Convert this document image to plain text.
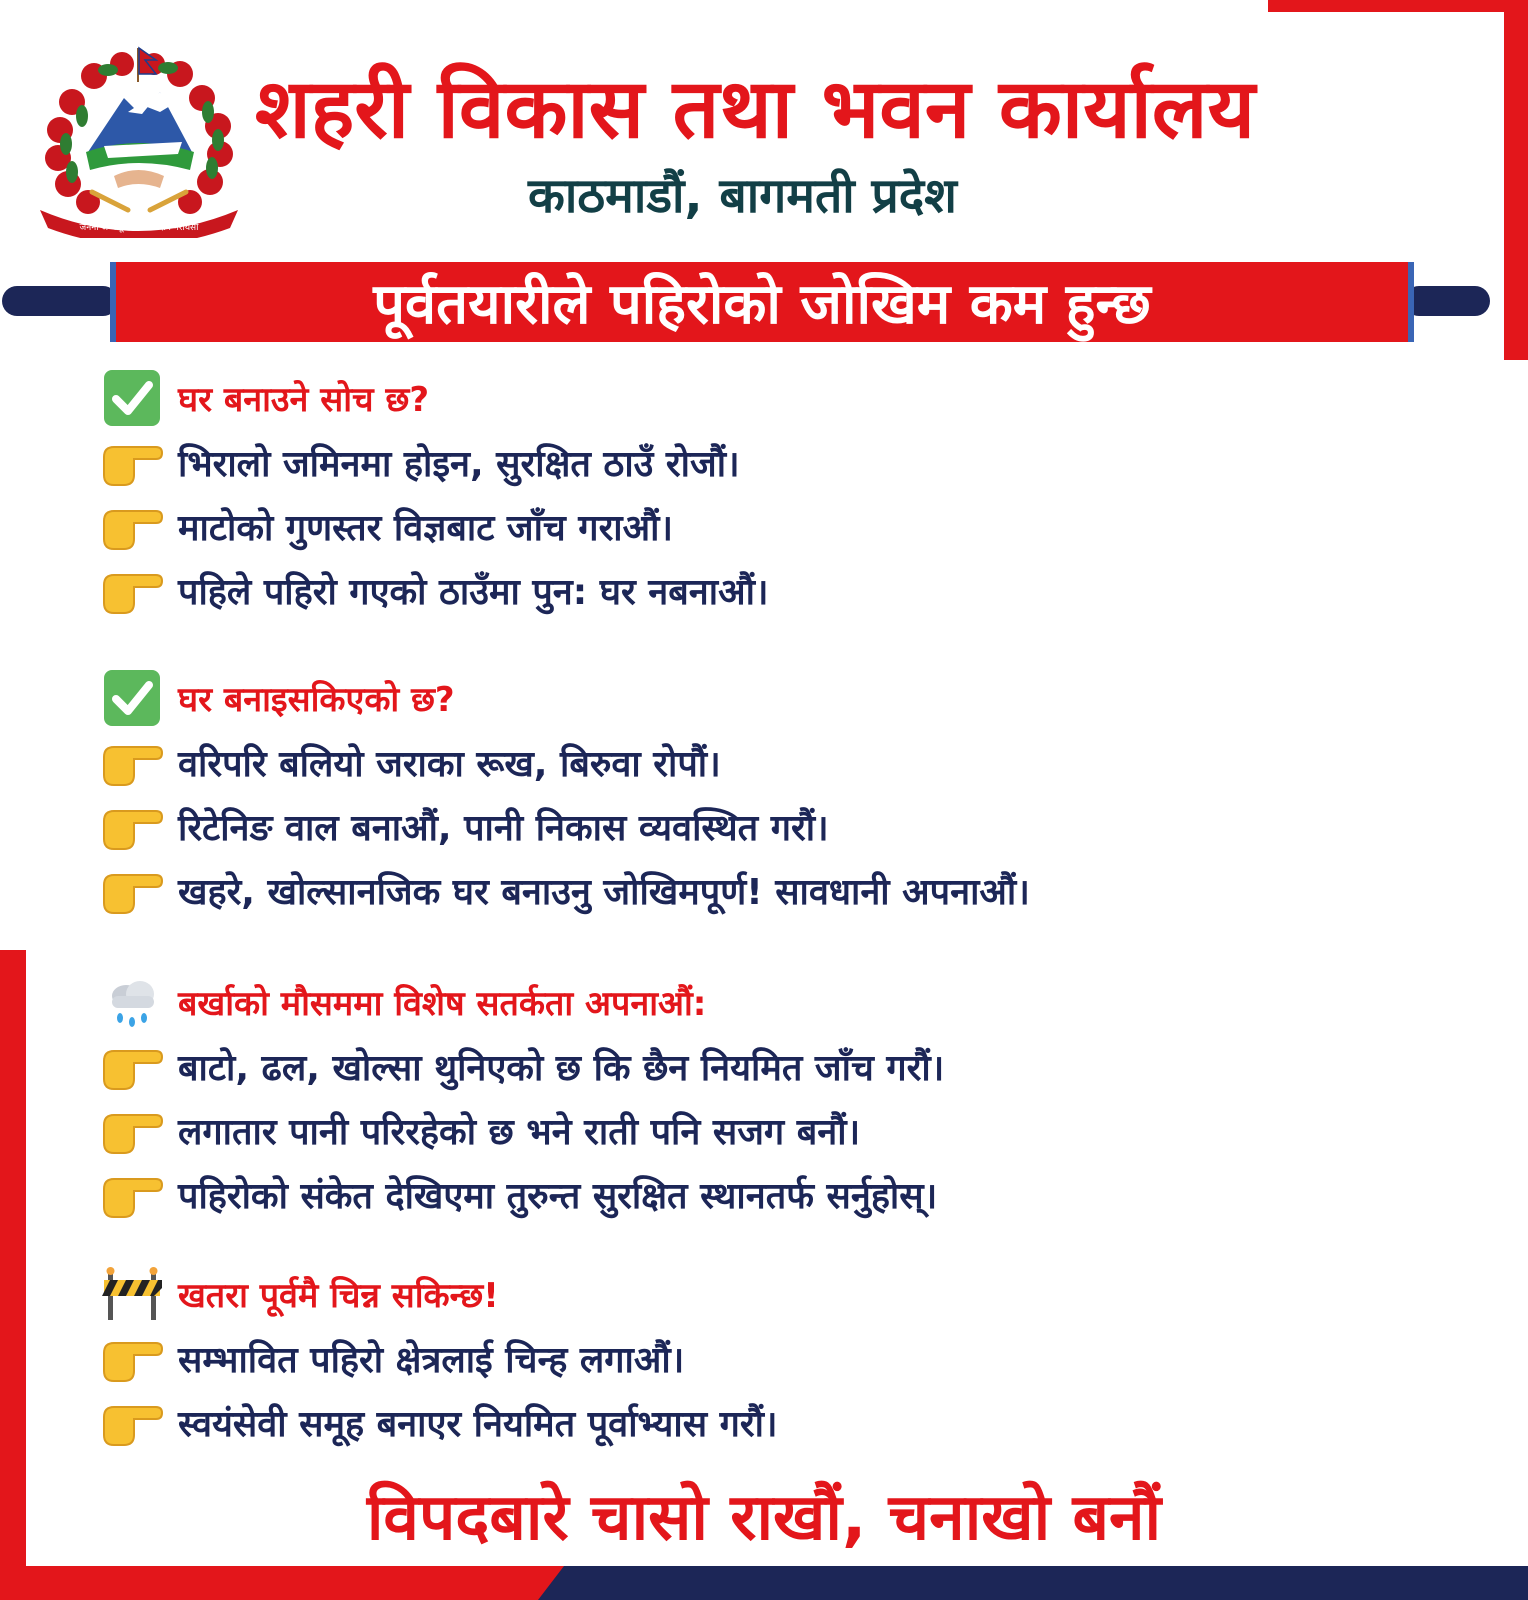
जननी जन्मभूमिश्च स्वर्गादपि गरीयसी
शहरी विकास तथा भवन कार्यालय
काठमाडौं, बागमती प्रदेश
पूर्वतयारीले पहिरोको जोखिम कम हुन्छ
घर बनाउने सोच छ?
भिरालो जमिनमा होइन, सुरक्षित ठाउँ रोजौं।
माटोको गुणस्तर विज्ञबाट जाँच गराऔं।
पहिले पहिरो गएको ठाउँमा पुन: घर नबनाऔं।
घर बनाइसकिएको छ?
वरिपरि बलियो जराका रूख, बिरुवा रोपौं।
रिटेनिङ वाल बनाऔं, पानी निकास व्यवस्थित गरौं।
खहरे, खोल्सानजिक घर बनाउनु जोखिमपूर्ण! सावधानी अपनाऔं।
बर्खाको मौसममा विशेष सतर्कता अपनाऔं:
बाटो, ढल, खोल्सा थुनिएको छ कि छैन नियमित जाँच गरौं।
लगातार पानी परिरहेको छ भने राती पनि सजग बनौं।
पहिरोको संकेत देखिएमा तुरुन्त सुरक्षित स्थानतर्फ सर्नुहोस्।
खतरा पूर्वमै चिन्न सकिन्छ!
सम्भावित पहिरो क्षेत्रलाई चिन्ह लगाऔं।
स्वयंसेवी समूह बनाएर नियमित पूर्वाभ्यास गरौं।
विपदबारे चासो राखौं, चनाखो बनौं
